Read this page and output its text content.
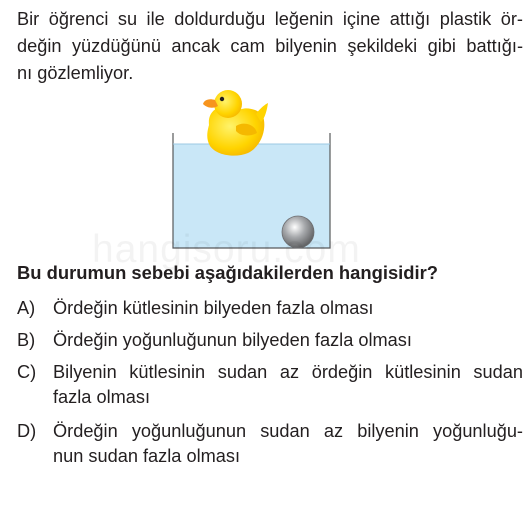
Bir öğrenci su ile doldurduğu leğenin içine attığı plastik ör-
değin yüzdüğünü ancak cam bilyenin şekildeki gibi battığı-
nı gözlemliyor.

Bu durumun sebebi aşağıdakilerden hangisidir?

A) Ördeğin kütlesinin bilyeden fazla olması
B) Ördeğin yoğunluğunun bilyeden fazla olması
C) Bilyenin kütlesinin sudan az ördeğin kütlesinin sudan
fazla olması
D) Ördeğin yoğunluğunun sudan az bilyenin yoğunluğu-
nun sudan fazla olması
